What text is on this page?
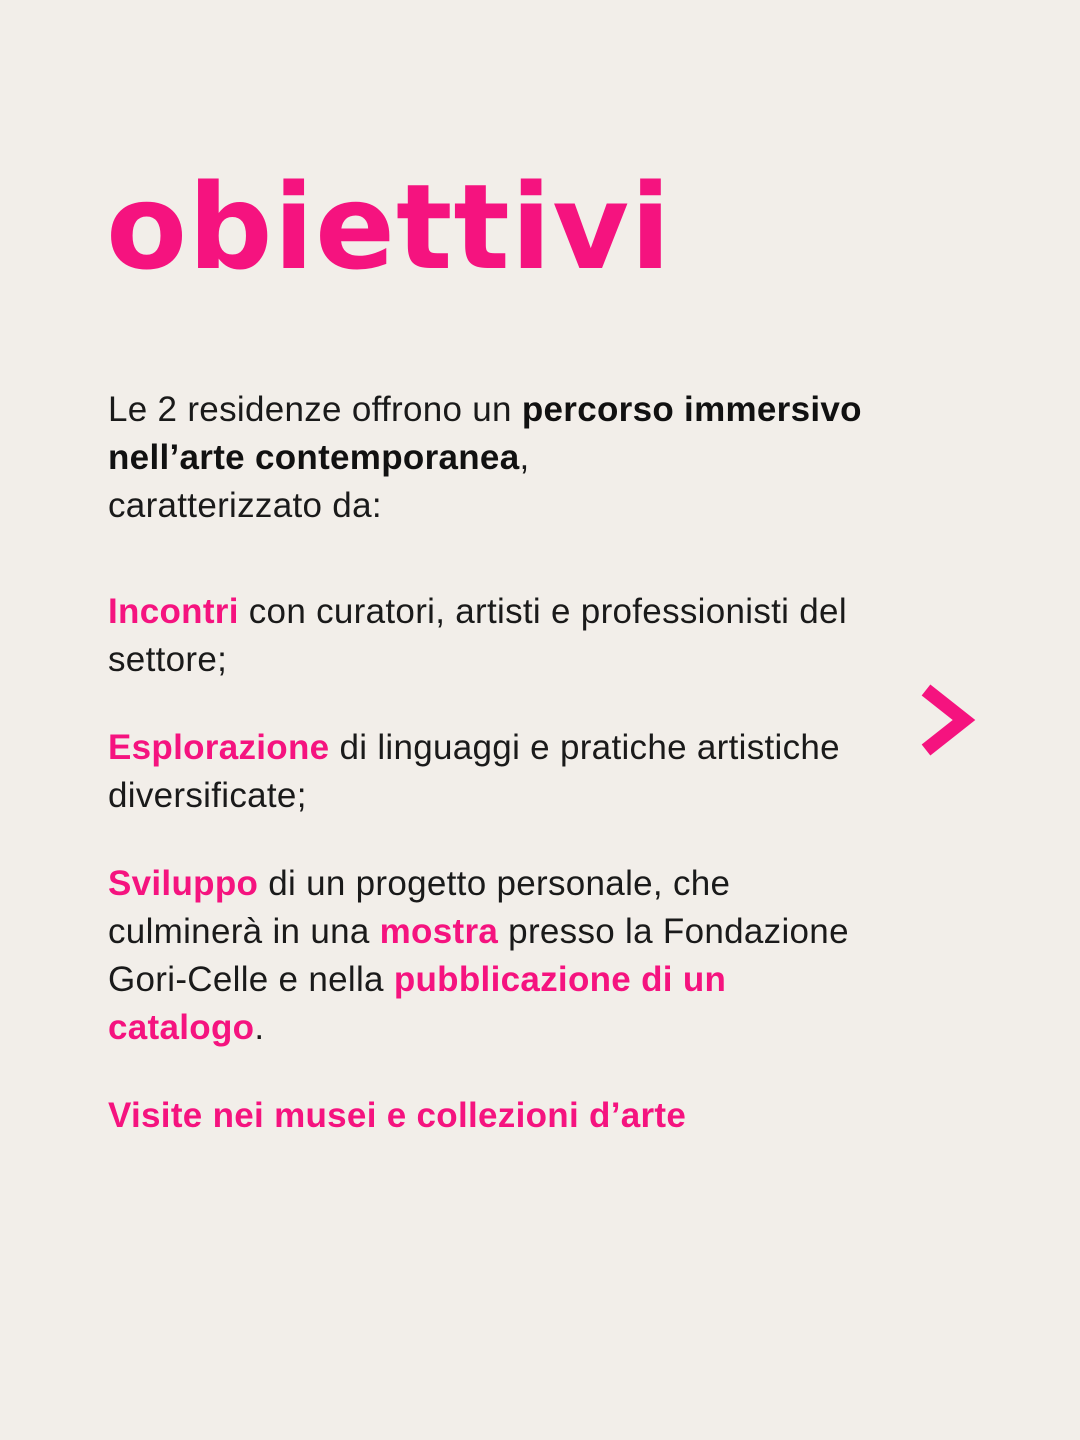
obiettivi

Le 2 residenze offrono un percorso immersivo nell’arte contemporanea,
caratterizzato da:

Incontri con curatori, artisti e professionisti del settore;

Esplorazione di linguaggi e pratiche artistiche diversificate;

Sviluppo di un progetto personale, che culminerà in una mostra presso la Fondazione Gori-Celle e nella pubblicazione di un catalogo.

Visite nei musei e collezioni d’arte
